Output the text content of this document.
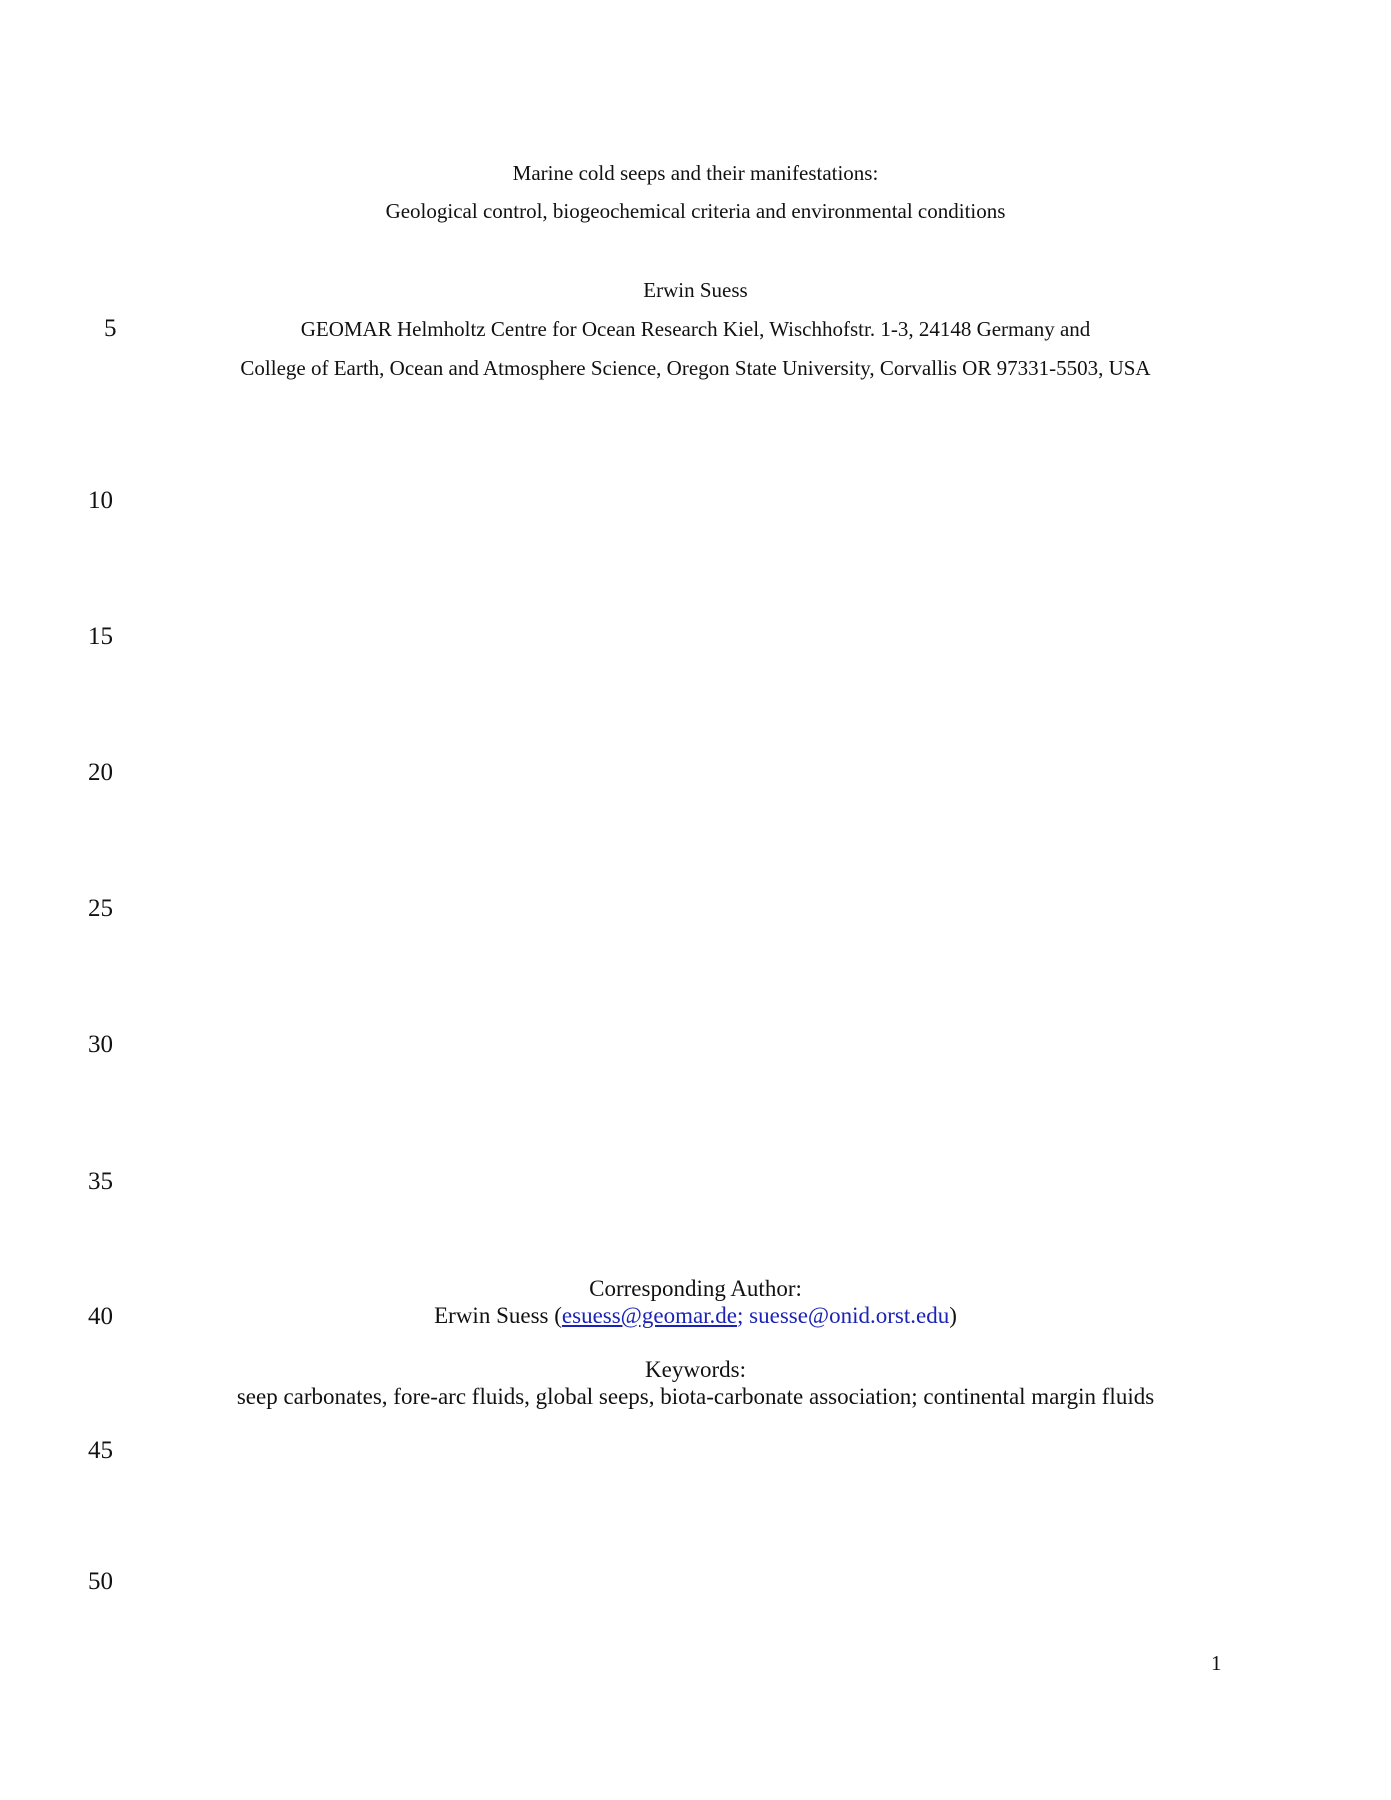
Marine cold seeps and their manifestations:
Geological control, biogeochemical criteria and environmental conditions
Erwin Suess
GEOMAR Helmholtz Centre for Ocean Research Kiel, Wischhofstr. 1-3, 24148 Germany and
College of Earth, Ocean and Atmosphere Science, Oregon State University, Corvallis OR 97331-5503, USA
Corresponding Author:
Erwin Suess (esuess@geomar.de; suesse@onid.orst.edu)
Keywords:
seep carbonates, fore-arc fluids, global seeps, biota-carbonate association; continental margin fluids
5
10
15
20
25
30
35
40
45
50
1
